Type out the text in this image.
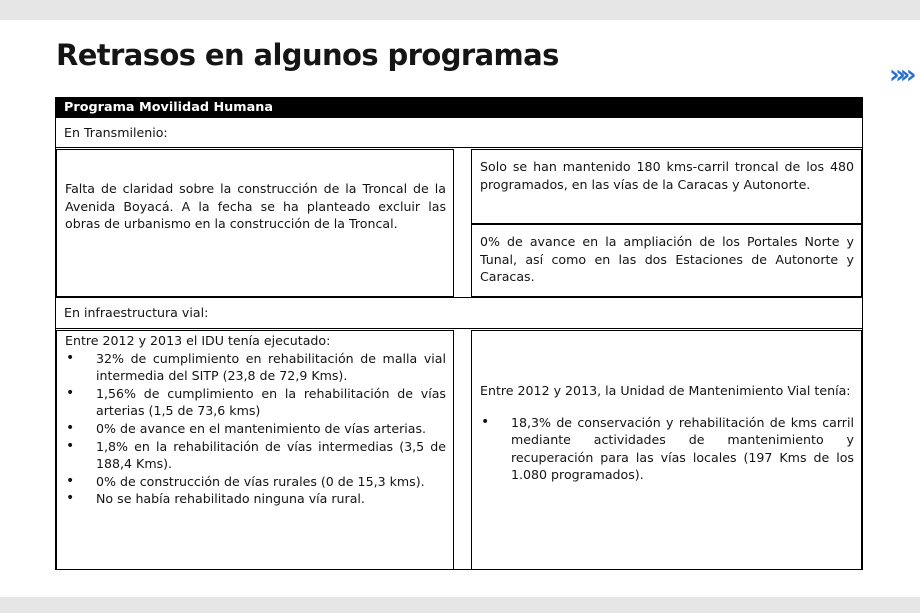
Retrasos en algunos programas
»»
Programa Movilidad Humana
En Transmilenio:
Falta de claridad sobre la construcción de la Troncal de la Avenida Boyacá. A la fecha se ha planteado excluir las obras de urbanismo en la construcción de la Troncal.
Solo se han mantenido 180 kms-carril troncal de los 480 programados, en las vías de la Caracas y Autonorte.
0% de avance en la ampliación de los Portales Norte y Tunal, así como en las dos Estaciones de Autonorte y Caracas.
En infraestructura vial:
Entre 2012 y 2013 el IDU tenía ejecutado:
• 32% de cumplimiento en rehabilitación de malla vial intermedia del SITP (23,8 de 72,9 Kms).
• 1,56% de cumplimiento en la rehabilitación de vías arterias (1,5 de 73,6 kms)
• 0% de avance en el mantenimiento de vías arterias.
• 1,8% en la rehabilitación de vías intermedias (3,5 de 188,4 Kms).
• 0% de construcción de vías rurales (0 de 15,3 kms).
• No se había rehabilitado ninguna vía rural.
Entre 2012 y 2013, la Unidad de Mantenimiento Vial tenía:
• 18,3% de conservación y rehabilitación de kms carril mediante actividades de mantenimiento y recuperación para las vías locales (197 Kms de los 1.080 programados).
